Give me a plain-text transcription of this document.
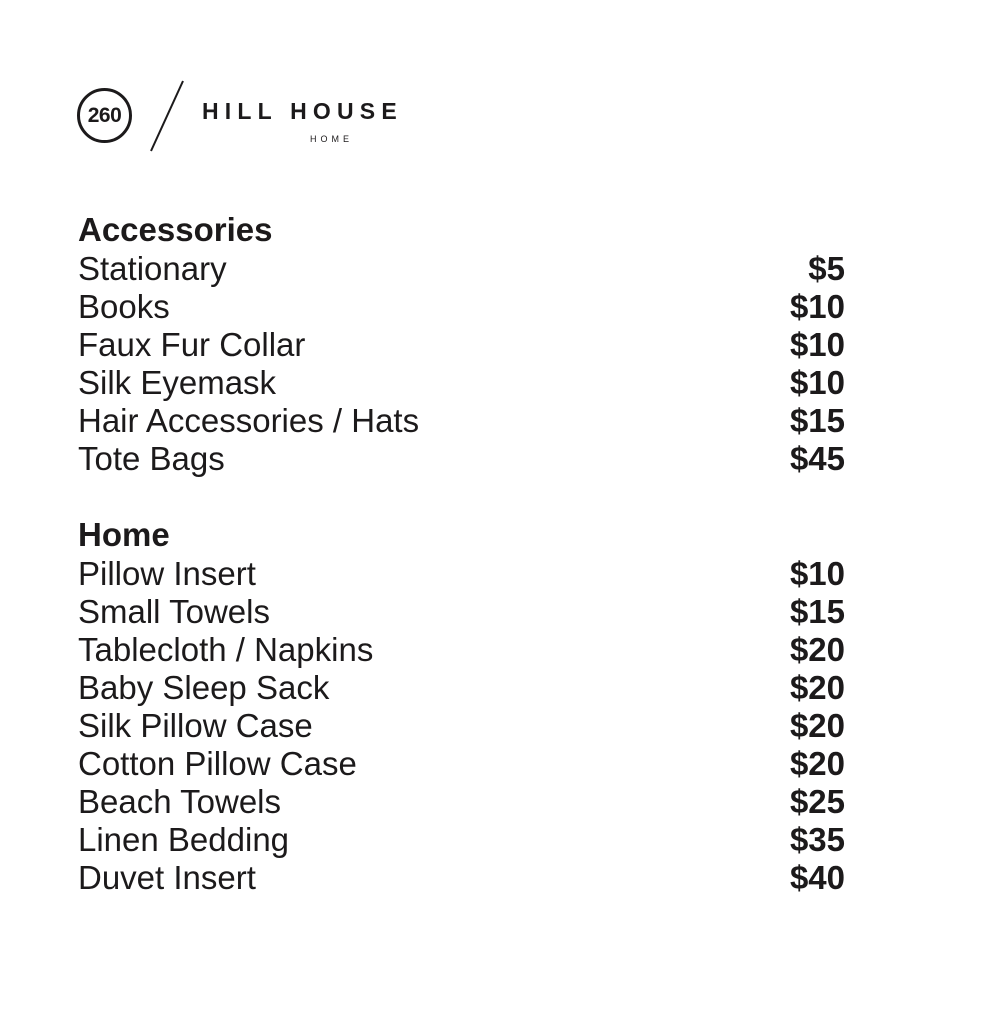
260	HILL HOUSE
HOME
Accessories
Stationary	$5
Books	$10
Faux Fur Collar	$10
Silk Eyemask	$10
Hair Accessories / Hats	$15
Tote Bags	$45
Home
Pillow Insert	$10
Small Towels	$15
Tablecloth / Napkins	$20
Baby Sleep Sack	$20
Silk Pillow Case	$20
Cotton Pillow Case	$20
Beach Towels	$25
Linen Bedding	$35
Duvet Insert	$40
